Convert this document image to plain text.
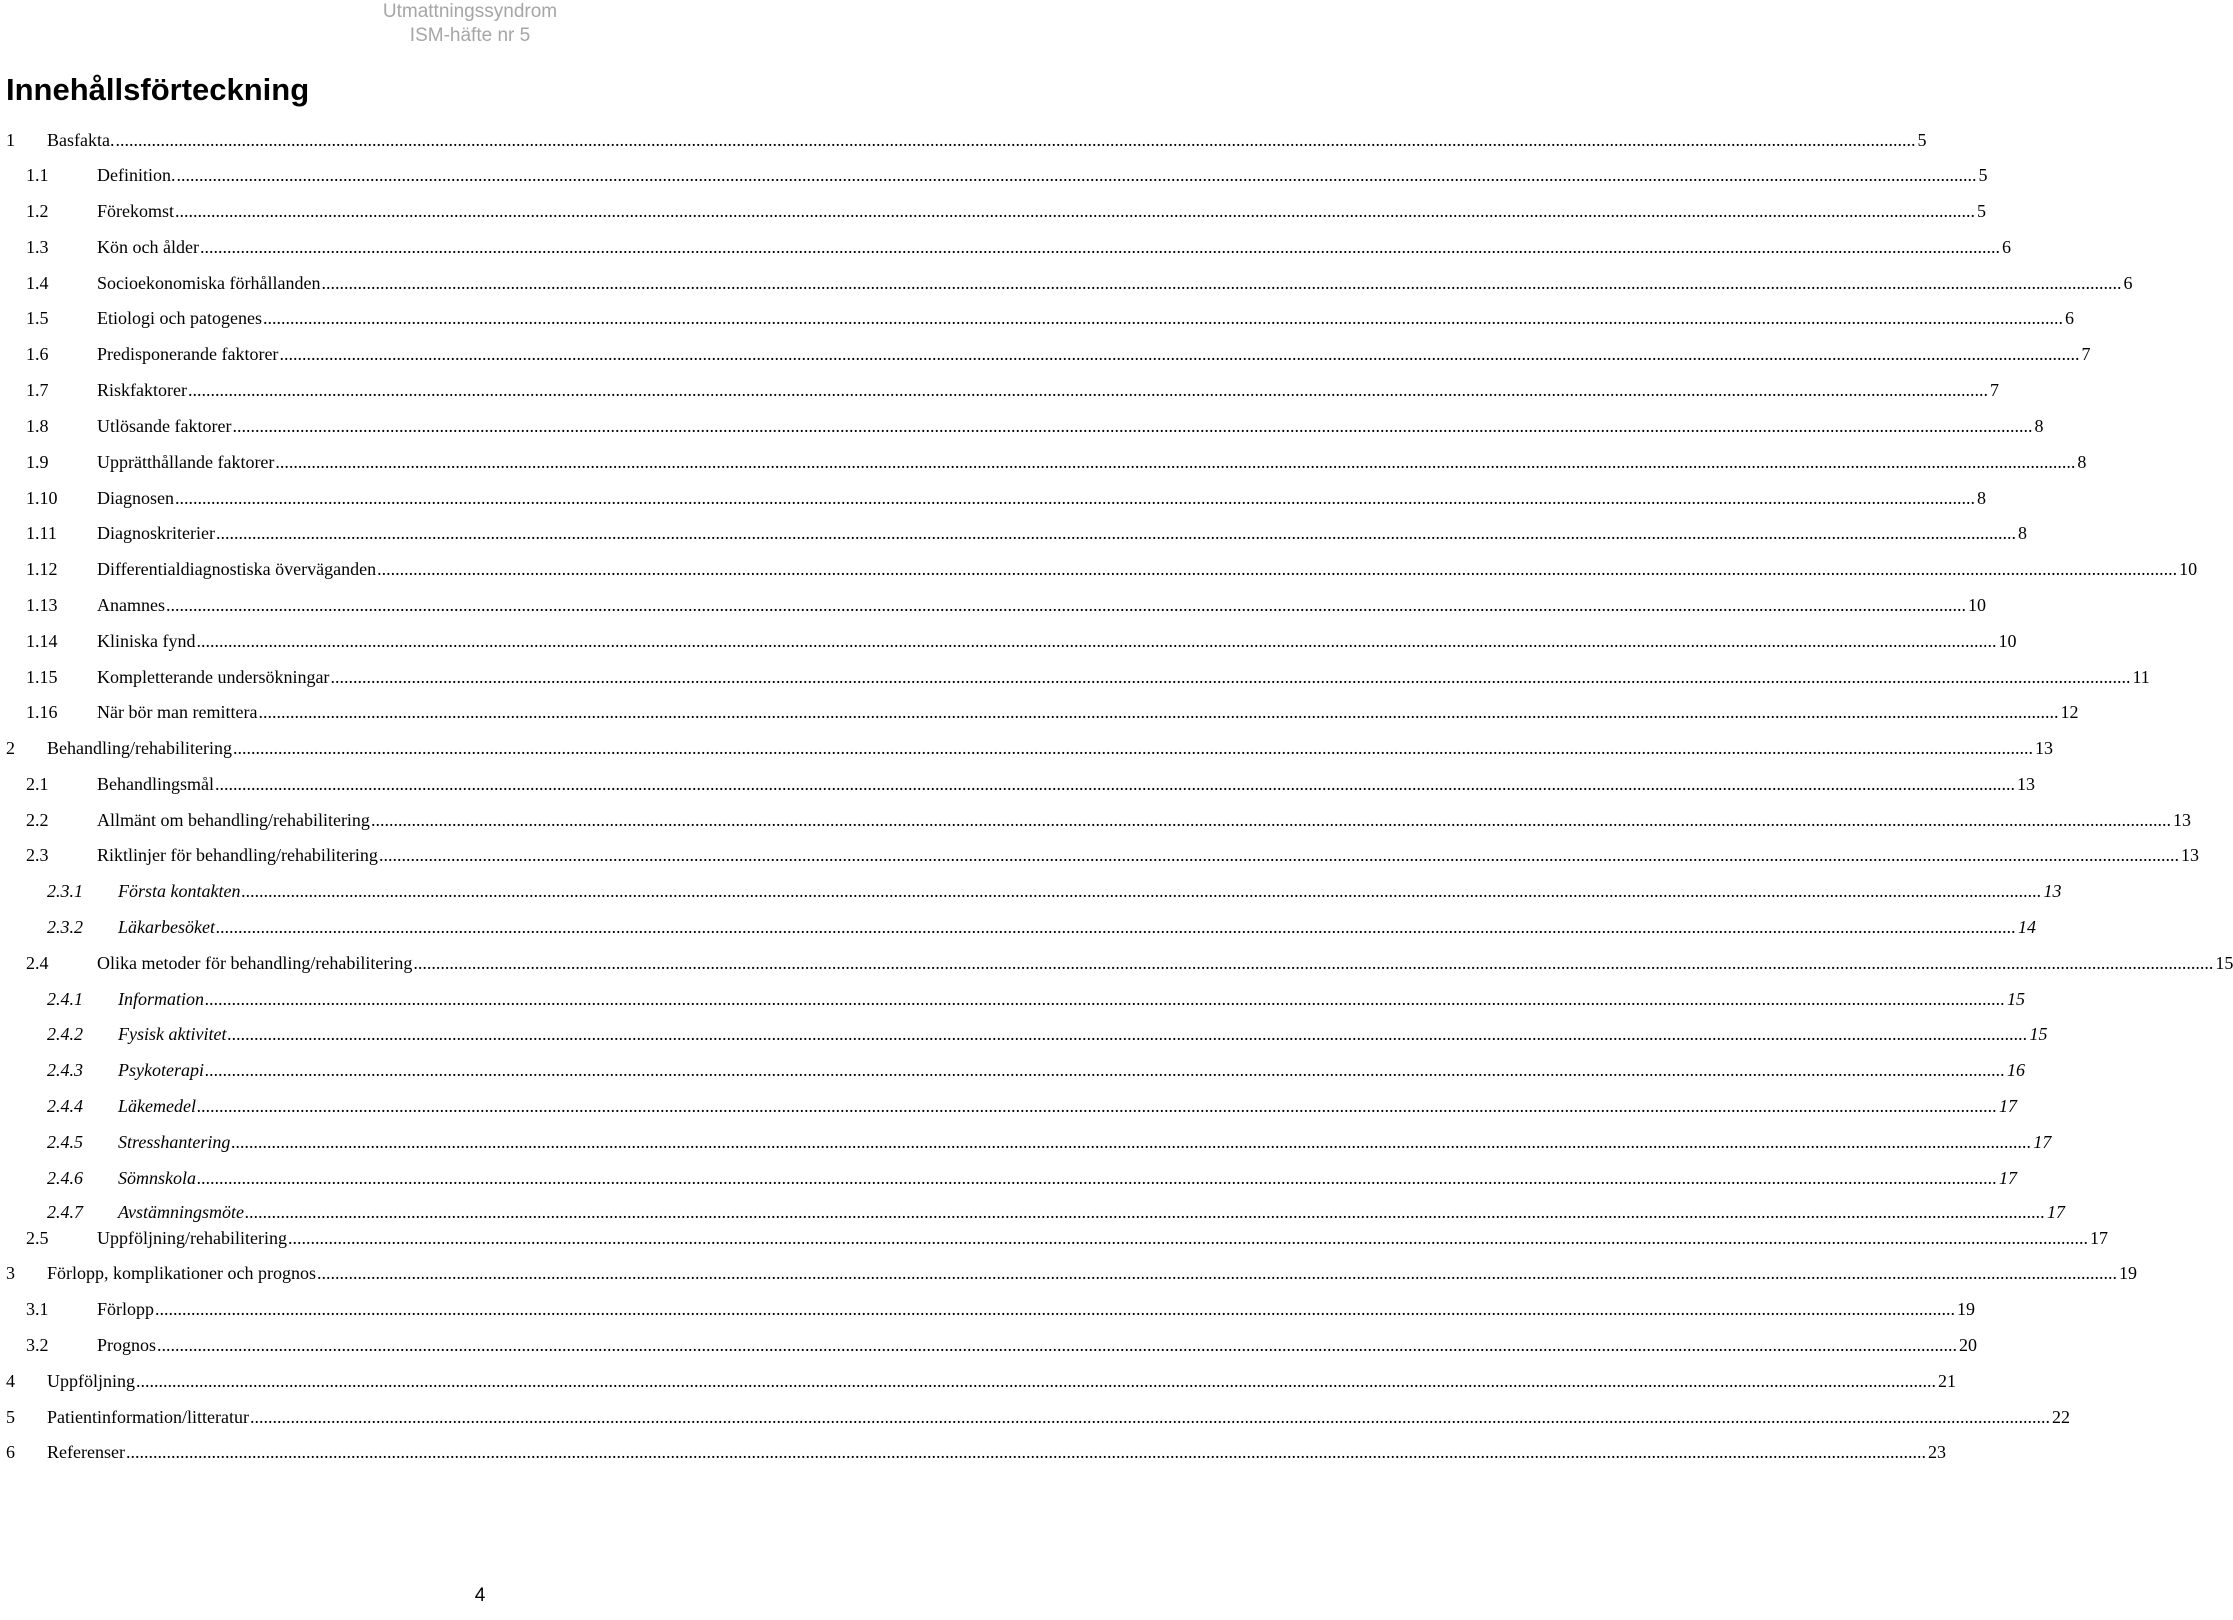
Utmattningssyndrom
ISM-häfte nr 5
Innehållsförteckning
1 Basfakta. ................................................................................................................................................................................................................................................................................................................................................................................................................ 5
1.1	Definition. ................................................................................................................................................................................................................................................................................................................................................................................................................ 5
1.2	Förekomst ................................................................................................................................................................................................................................................................................................................................................................................................................ 5
1.3	Kön och ålder ................................................................................................................................................................................................................................................................................................................................................................................................................ 6
1.4	Socioekonomiska förhållanden ................................................................................................................................................................................................................................................................................................................................................................................................................ 6
1.5	Etiologi och patogenes ................................................................................................................................................................................................................................................................................................................................................................................................................ 6
1.6	Predisponerande faktorer ................................................................................................................................................................................................................................................................................................................................................................................................................ 7
1.7	Riskfaktorer ................................................................................................................................................................................................................................................................................................................................................................................................................ 7
1.8	Utlösande faktorer ................................................................................................................................................................................................................................................................................................................................................................................................................ 8
1.9	Upprätthållande faktorer ................................................................................................................................................................................................................................................................................................................................................................................................................ 8
1.10 Diagnosen ................................................................................................................................................................................................................................................................................................................................................................................................................ 8
1.11 Diagnoskriterier ................................................................................................................................................................................................................................................................................................................................................................................................................ 8
1.12 Differentialdiagnostiska överväganden ................................................................................................................................................................................................................................................................................................................................................................................................................ 10
1.13 Anamnes ................................................................................................................................................................................................................................................................................................................................................................................................................ 10
1.14 Kliniska fynd ................................................................................................................................................................................................................................................................................................................................................................................................................ 10
1.15 Kompletterande undersökningar ................................................................................................................................................................................................................................................................................................................................................................................................................ 11
1.16 När bör man remittera ................................................................................................................................................................................................................................................................................................................................................................................................................ 12
2 Behandling/rehabilitering ................................................................................................................................................................................................................................................................................................................................................................................................................ 13
2.1	Behandlingsmål ................................................................................................................................................................................................................................................................................................................................................................................................................ 13
2.2	Allmänt om behandling/rehabilitering ................................................................................................................................................................................................................................................................................................................................................................................................................ 13
2.3	Riktlinjer för behandling/rehabilitering ................................................................................................................................................................................................................................................................................................................................................................................................................ 13
2.3.1 Första kontakten ................................................................................................................................................................................................................................................................................................................................................................................................................ 13
2.3.2 Läkarbesöket ................................................................................................................................................................................................................................................................................................................................................................................................................ 14
2.4	Olika metoder för behandling/rehabilitering ................................................................................................................................................................................................................................................................................................................................................................................................................ 15
2.4.1 Information ................................................................................................................................................................................................................................................................................................................................................................................................................ 15
2.4.2 Fysisk aktivitet ................................................................................................................................................................................................................................................................................................................................................................................................................ 15
2.4.3 Psykoterapi ................................................................................................................................................................................................................................................................................................................................................................................................................ 16
2.4.4 Läkemedel ................................................................................................................................................................................................................................................................................................................................................................................................................ 17
2.4.5 Stresshantering ................................................................................................................................................................................................................................................................................................................................................................................................................ 17
2.4.6 Sömnskola ................................................................................................................................................................................................................................................................................................................................................................................................................ 17
2.4.7 Avstämningsmöte ................................................................................................................................................................................................................................................................................................................................................................................................................ 17
2.5	Uppföljning/rehabilitering ................................................................................................................................................................................................................................................................................................................................................................................................................ 17
3 Förlopp, komplikationer och prognos ................................................................................................................................................................................................................................................................................................................................................................................................................ 19
3.1	Förlopp ................................................................................................................................................................................................................................................................................................................................................................................................................ 19
3.2	Prognos ................................................................................................................................................................................................................................................................................................................................................................................................................ 20
4 Uppföljning ................................................................................................................................................................................................................................................................................................................................................................................................................ 21
5 Patientinformation/litteratur ................................................................................................................................................................................................................................................................................................................................................................................................................ 22
6 Referenser ................................................................................................................................................................................................................................................................................................................................................................................................................ 23
4
